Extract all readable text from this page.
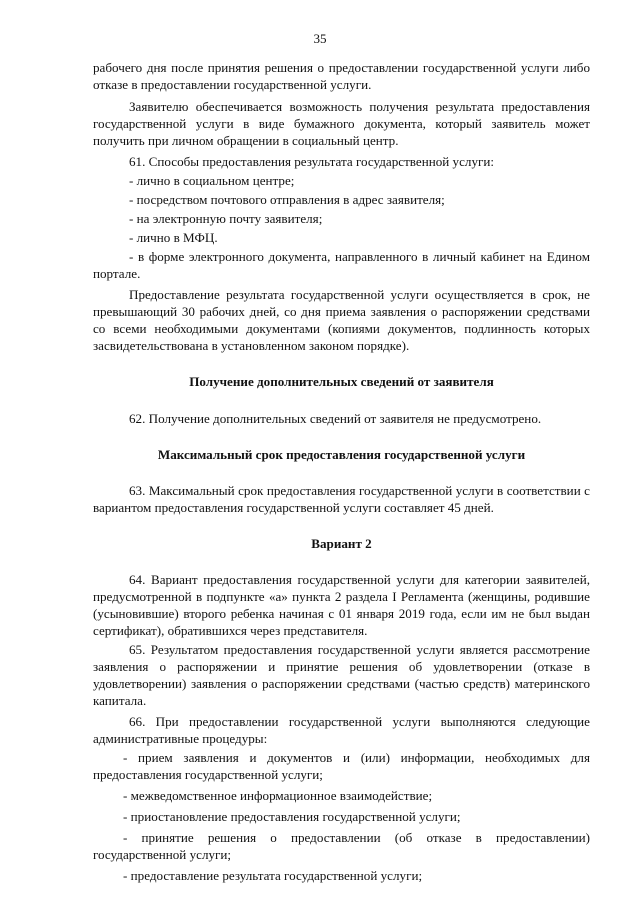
35

рабочего дня после принятия решения о предоставлении государственной услуги либо отказе в предоставлении государственной услуги.

Заявителю обеспечивается возможность получения результата предоставления государственной услуги в виде бумажного документа, который заявитель может получить при личном обращении в социальный центр.

61. Способы предоставления результата государственной услуги:

- лично в социальном центре;

- посредством почтового отправления в адрес заявителя;

- на электронную почту заявителя;

- лично в МФЦ.

- в форме электронного документа, направленного в личный кабинет на Едином портале.

Предоставление результата государственной услуги осуществляется в срок, не превышающий 30 рабочих дней, со дня приема заявления о распоряжении средствами со всеми необходимыми документами (копиями документов, подлинность которых засвидетельствована в установленном законом порядке).

Получение дополнительных сведений от заявителя

62. Получение дополнительных сведений от заявителя не предусмотрено.

Максимальный срок предоставления государственной услуги

63. Максимальный срок предоставления государственной услуги в соответствии с вариантом предоставления государственной услуги составляет 45 дней.

Вариант 2

64. Вариант предоставления государственной услуги для категории заявителей, предусмотренной в подпункте «а» пункта 2 раздела I Регламента (женщины, родившие (усыновившие) второго ребенка начиная с 01 января 2019 года, если им не был выдан сертификат), обратившихся через представителя.

65. Результатом предоставления государственной услуги является рассмотрение заявления о распоряжении и принятие решения об удовлетворении (отказе в удовлетворении) заявления о распоряжении средствами (частью средств) материнского капитала.

66. При предоставлении государственной услуги выполняются следующие административные процедуры:

- прием заявления и документов и (или) информации, необходимых для предоставления государственной услуги;

- межведомственное информационное взаимодействие;

- приостановление предоставления государственной услуги;

- принятие решения о предоставлении (об отказе в предоставлении) государственной услуги;

- предоставление результата государственной услуги;
